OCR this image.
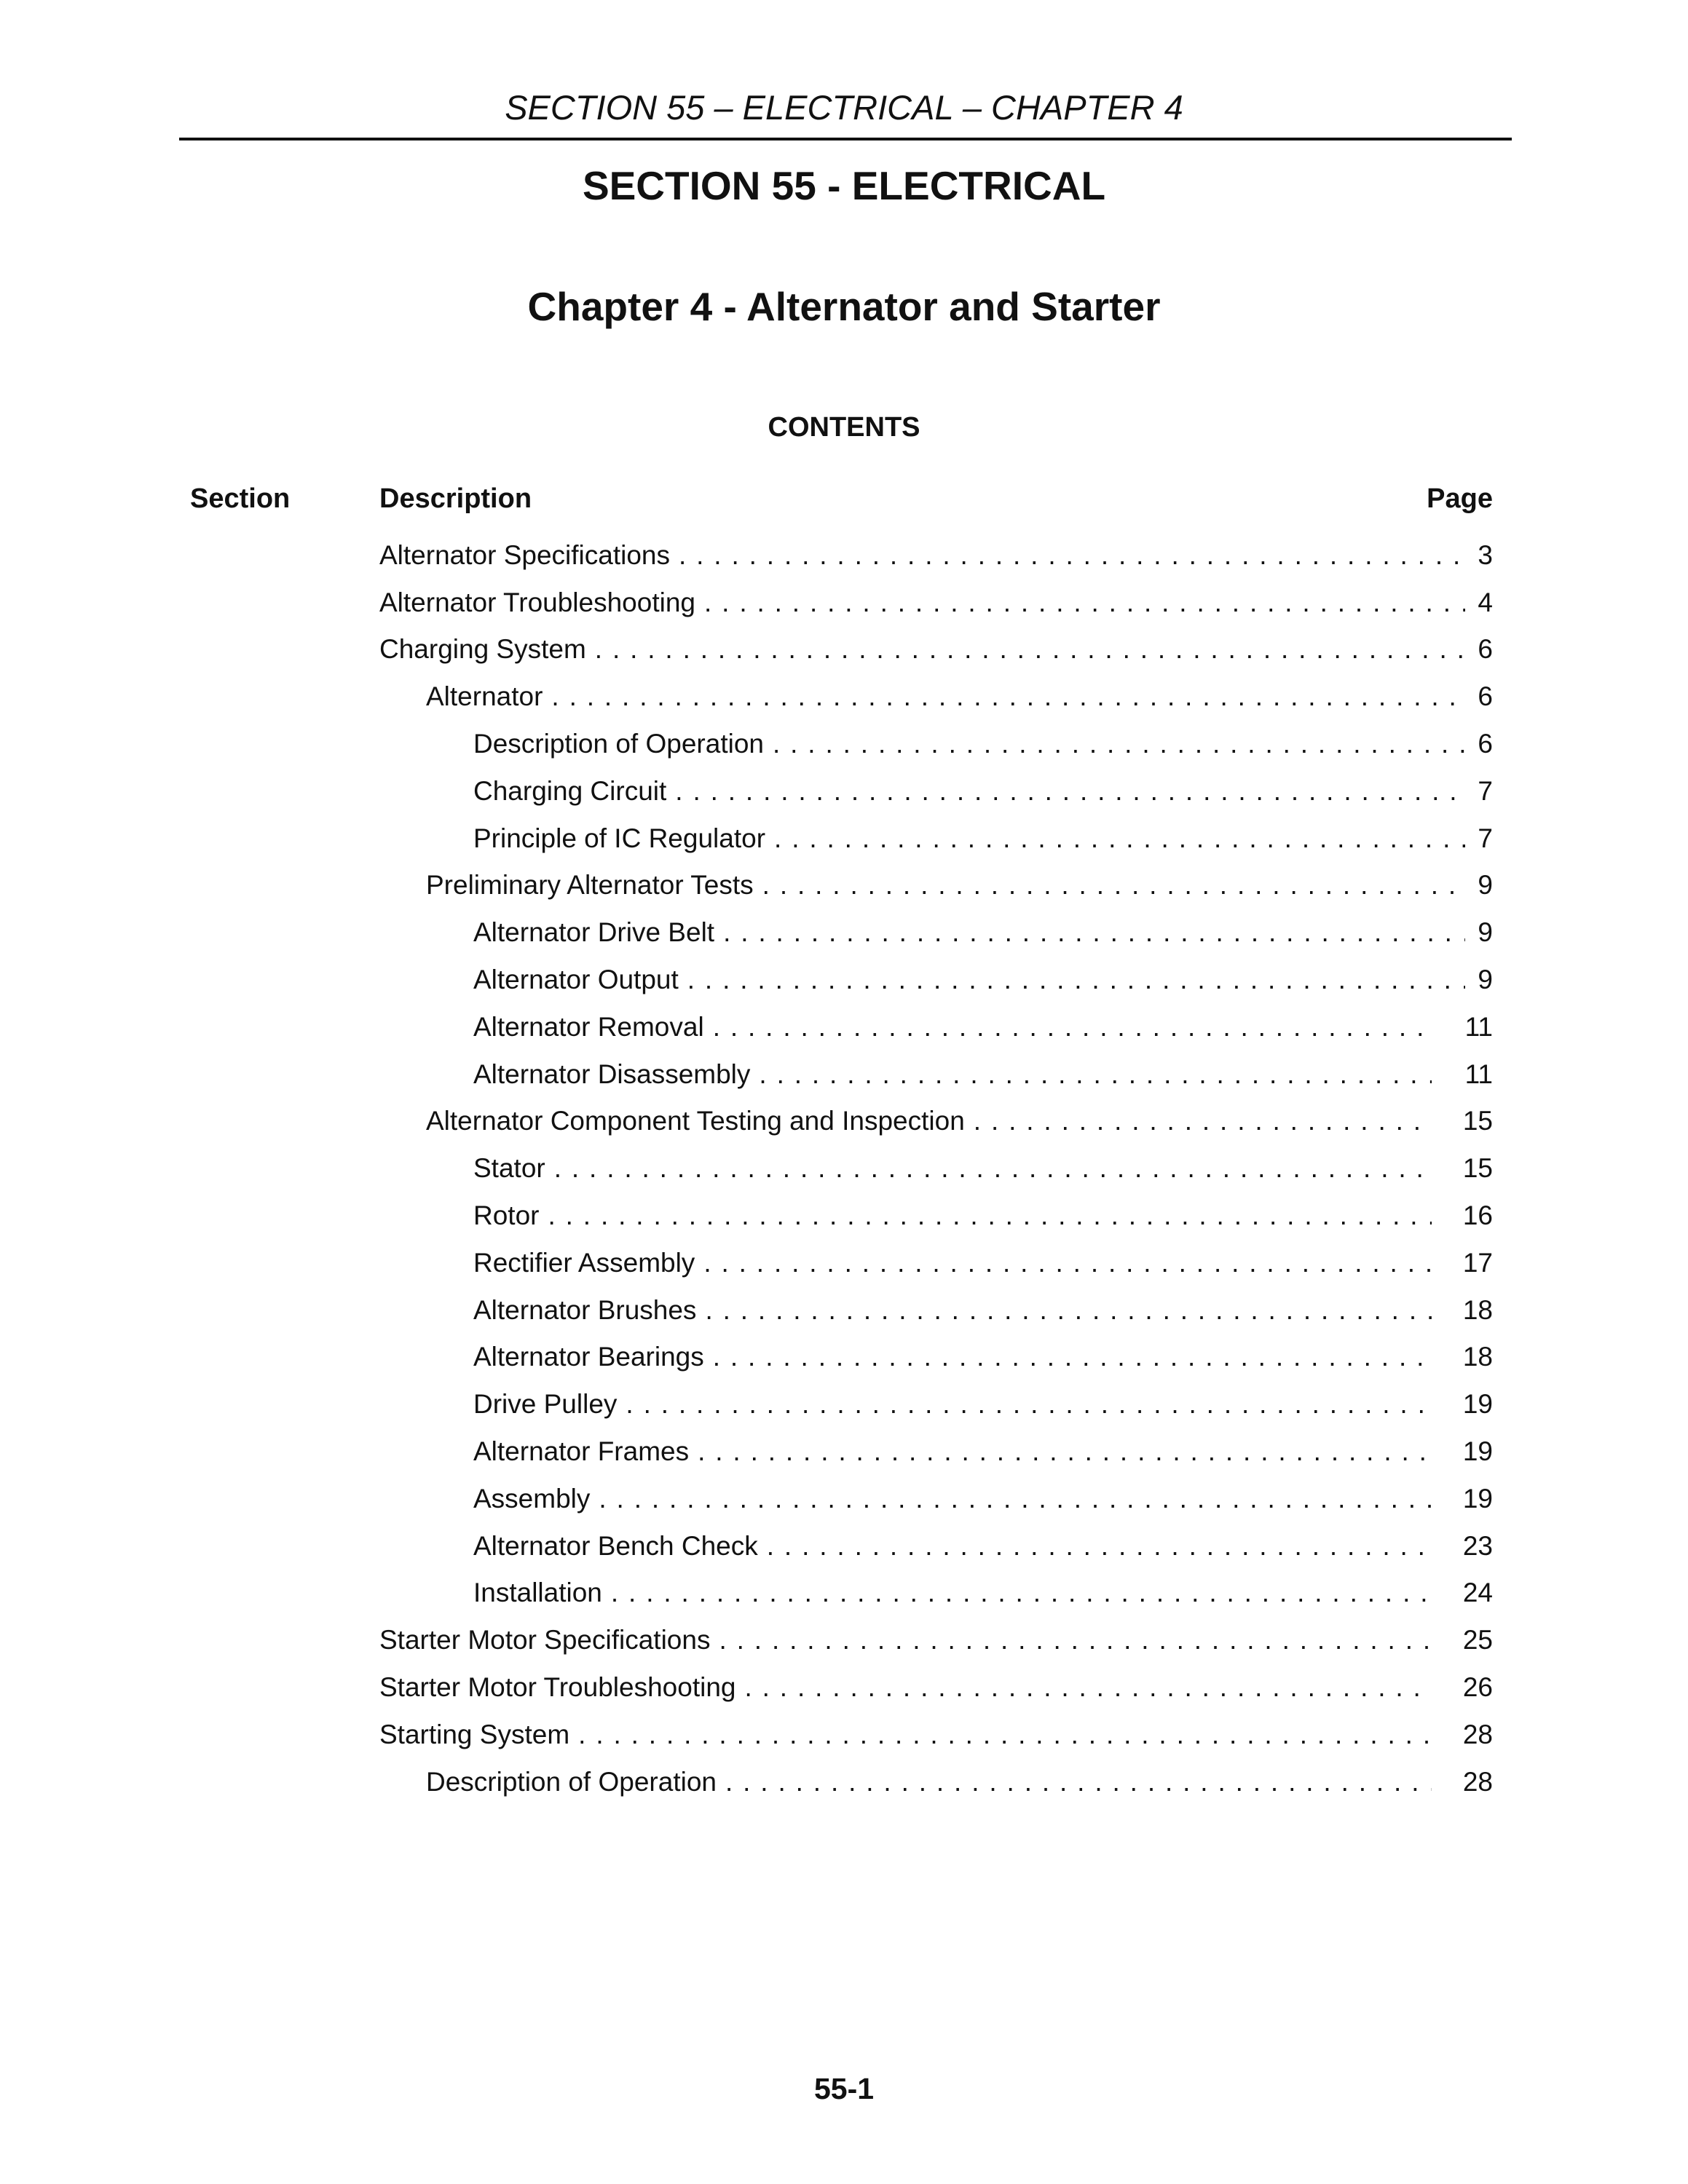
SECTION 55 – ELECTRICAL – CHAPTER 4
SECTION 55 - ELECTRICAL
Chapter 4 - Alternator and Starter
CONTENTS
Section	Description	Page
Alternator Specifications . . .	3
Alternator Troubleshooting . . .	4
Charging System . . .	6
Alternator . . .	6
Description of Operation . . .	6
Charging Circuit . . .	7
Principle of IC Regulator . . .	7
Preliminary Alternator Tests . . .	9
Alternator Drive Belt . . .	9
Alternator Output . . .	9
Alternator Removal . . .	11
Alternator Disassembly . . .	11
Alternator Component Testing and Inspection . . .	15
Stator . . .	15
Rotor . . .	16
Rectifier Assembly . . .	17
Alternator Brushes . . .	18
Alternator Bearings . . .	18
Drive Pulley . . .	19
Alternator Frames . . .	19
Assembly . . .	19
Alternator Bench Check . . .	23
Installation . . .	24
Starter Motor Specifications . . .	25
Starter Motor Troubleshooting . . .	26
Starting System . . .	28
Description of Operation . . .	28
55-1
